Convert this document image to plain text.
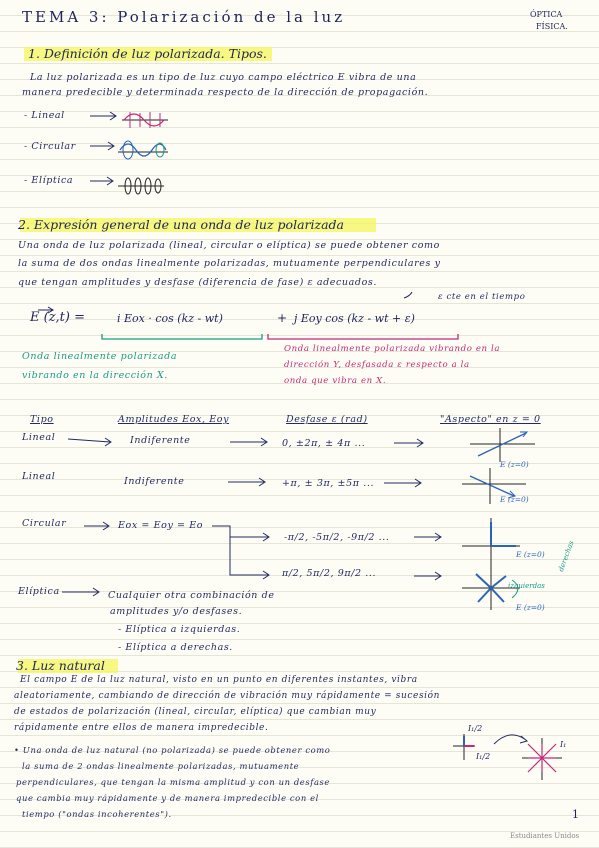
TEMA 3: Polarización de la luz	ÓPTICA
FÍSICA.
1. Definición de luz polarizada. Tipos.
La luz polarizada es un tipo de luz cuyo campo eléctrico E vibra de una
manera predecible y determinada respecto de la dirección de propagación.
- Lineal
- Circular
- Elíptica
2. Expresión general de una onda de luz polarizada
Una onda de luz polarizada (lineal, circular o elíptica) se puede obtener como
la suma de dos ondas linealmente polarizadas, mutuamente perpendiculares y
que tengan amplitudes y desfase (diferencia de fase) ε adecuados.
ε cte en el tiempo
E (z,t) =	i Eox · cos (kz - wt)	+ j Eoy cos (kz - wt + ε)
Onda linealmente polarizada
vibrando en la dirección X.
Onda linealmente polarizada vibrando en la
dirección Y, desfasada ε respecto a la
onda que vibra en X.
Tipo	Amplitudes Eox, Eoy	Desfase ε (rad)	"Aspecto" en z = 0
Lineal	Indiferente	0, ±2π, ± 4π ...
Lineal	Indiferente	+π, ± 3π, ±5π ...
Circular	Eox = Eoy = Eo
-π/2, -5π/2, -9π/2 ...
π/2, 5π/2, 9π/2 ...
Elíptica	Cualquier otra combinación de
amplitudes y/o desfases.
- Elíptica a izquierdas.
- Elíptica a derechas.
E (z=0)
E (z=0)
E (z=0)
E (z=0)
derechas
izquierdas
3. Luz natural
El campo E de la luz natural, visto en un punto en diferentes instantes, vibra
aleatoriamente, cambiando de dirección de vibración muy rápidamente = sucesión
de estados de polarización (lineal, circular, elíptica) que cambian muy
rápidamente entre ellos de manera impredecible.
• Una onda de luz natural (no polarizada) se puede obtener como
la suma de 2 ondas linealmente polarizadas, mutuamente
perpendiculares, que tengan la misma amplitud y con un desfase
que cambia muy rápidamente y de manera impredecible con el
tiempo ("ondas incoherentes").
I₁/2
I₁/2
I₁
1
Estudiantes Unidos
